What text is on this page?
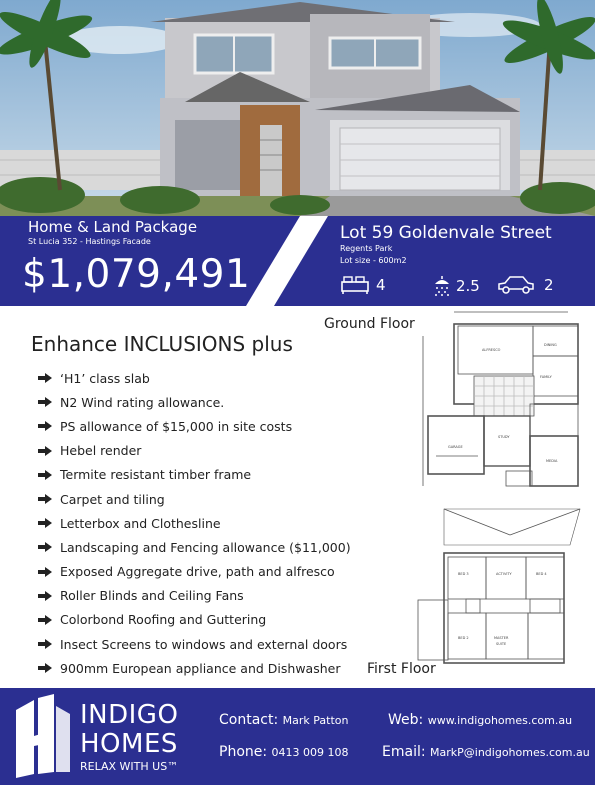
Home & Land Package
St Lucia 352 - Hastings Facade
$1,079,491
Lot 59 Goldenvale Street
Regents Park
Lot size - 600m2
4	2.5	2
Enhance INCLUSIONS plus
‘H1’ class slab
N2 Wind rating allowance.
PS allowance of $15,000 in site costs
Hebel render
Termite resistant timber frame
Carpet and tiling
Letterbox and Clothesline
Landscaping and Fencing allowance ($11,000)
Exposed Aggregate drive, path and alfresco
Roller Blinds and Ceiling Fans
Colorbond Roofing and Guttering
Insect Screens to windows and external doors
900mm European appliance and Dishwasher
Ground Floor
ALFRESCO
DINING
FAMILY
GARAGE
STUDY
MEDIA
First Floor
BED 3	ACTIVITY	BED 4
BED 2	MASTER
SUITE
INDIGO
HOMES
RELAX WITH US™
Contact: Mark Patton
Phone: 0413 009 108
Web: www.indigohomes.com.au
Email: MarkP@indigohomes.com.au
